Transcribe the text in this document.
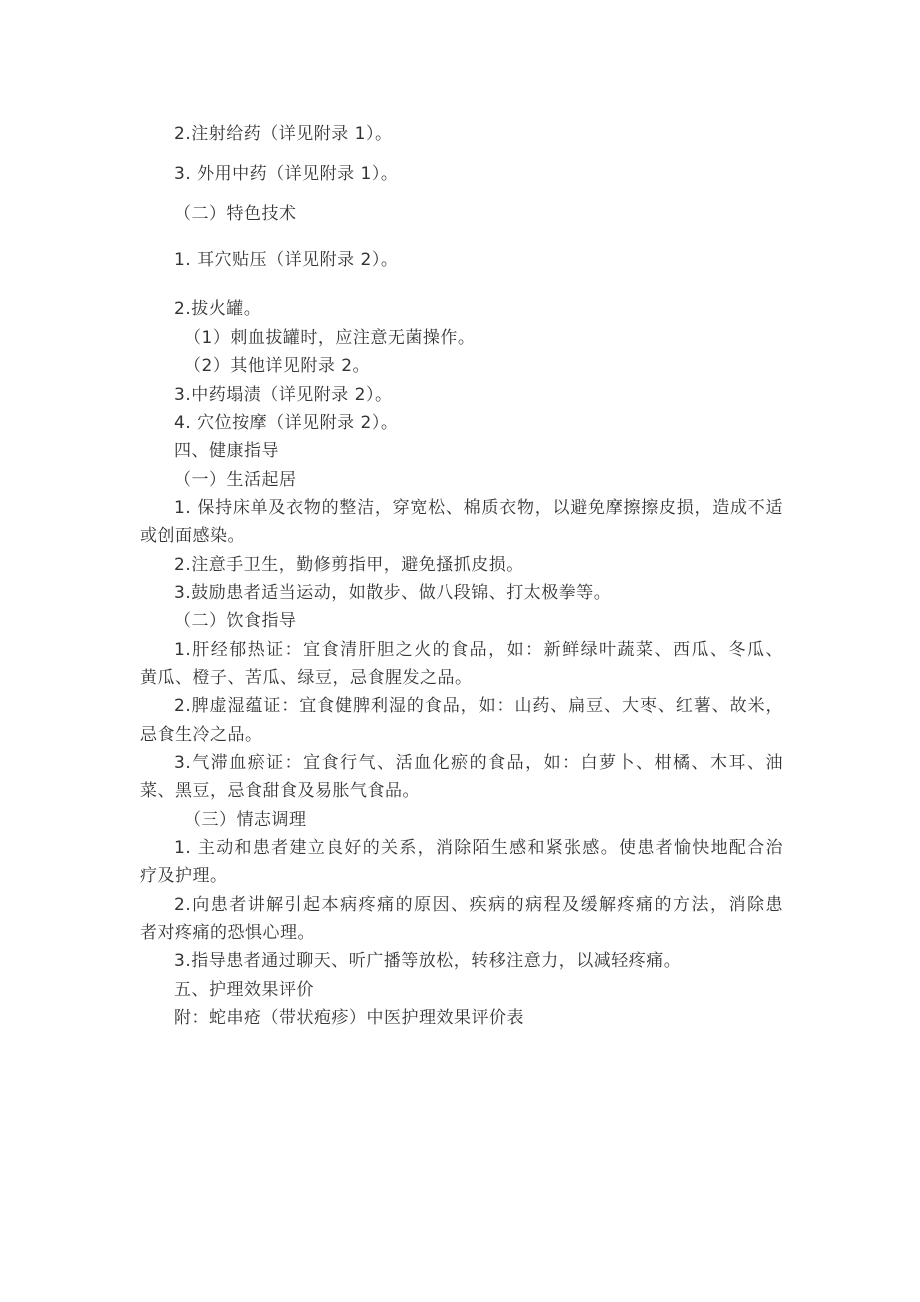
2.注射给药（详见附录 1）。

3. 外用中药（详见附录 1）。

（二）特色技术

1. 耳穴贴压（详见附录 2）。

2.拔火罐。

（1）刺血拔罐时，应注意无菌操作。

（2）其他详见附录 2。

3.中药塌渍（详见附录 2）。

4. 穴位按摩（详见附录 2）。

四、健康指导

（一）生活起居

1. 保持床单及衣物的整洁，穿宽松、棉质衣物，以避免摩擦擦皮损，造成不适

或创面感染。

2.注意手卫生，勤修剪指甲，避免搔抓皮损。

3.鼓励患者适当运动，如散步、做八段锦、打太极拳等。

（二）饮食指导

1.肝经郁热证：宜食清肝胆之火的食品，如：新鲜绿叶蔬菜、西瓜、冬瓜、

黄瓜、橙子、苦瓜、绿豆，忌食腥发之品。

2.脾虚湿蕴证：宜食健脾利湿的食品，如：山药、扁豆、大枣、红薯、故米，

忌食生冷之品。

3.气滞血瘀证：宜食行气、活血化瘀的食品，如：白萝卜、柑橘、木耳、油

菜、黑豆，忌食甜食及易胀气食品。

（三）情志调理

1. 主动和患者建立良好的关系，消除陌生感和紧张感。使患者愉快地配合治

疗及护理。

2.向患者讲解引起本病疼痛的原因、疾病的病程及缓解疼痛的方法，消除患

者对疼痛的恐惧心理。

3.指导患者通过聊天、听广播等放松，转移注意力，以减轻疼痛。

五、护理效果评价

附：蛇串疮（带状疱疹）中医护理效果评价表
